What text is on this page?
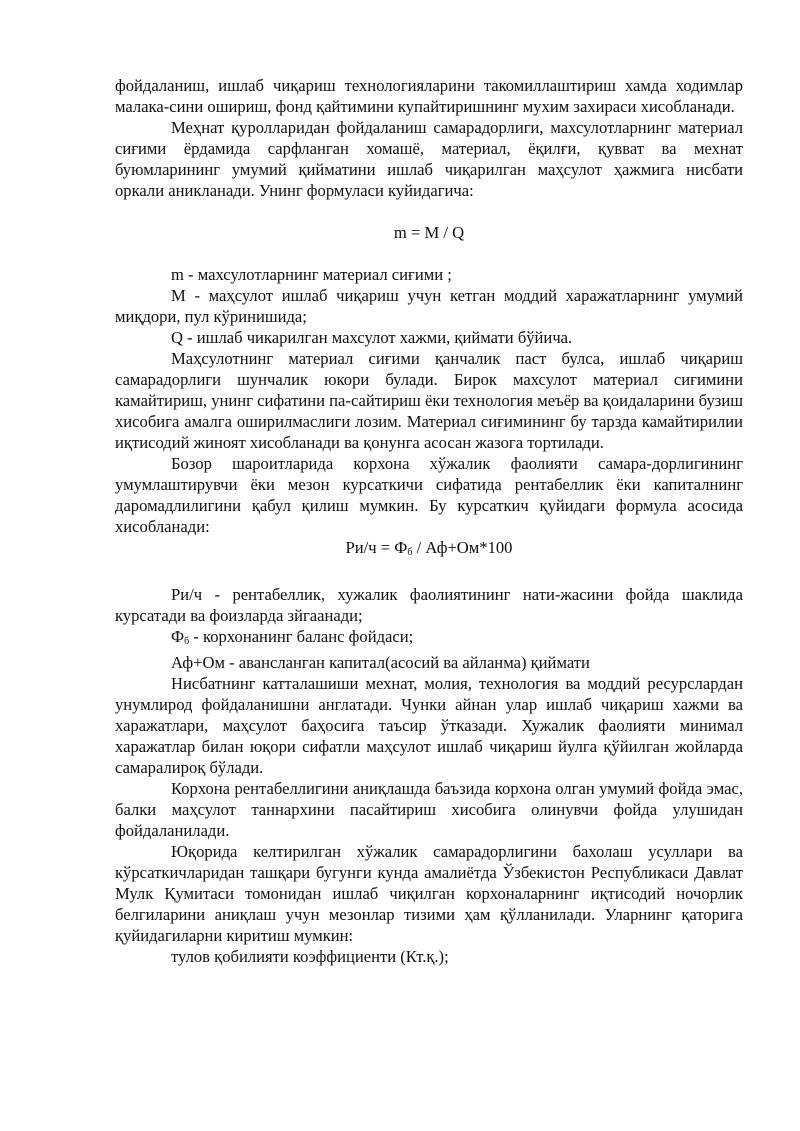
фойдаланиш, ишлаб чиқариш технологияларини такомиллаштириш хамда ходимлар малака-сини ошириш, фонд қайтимини купайтиришнинг мухим захираси хисобланади.

Меҳнат қуролларидан фойдаланиш самарадорлиги, махсулотларнинг материал сиғими ёрдамида сарфланган хомашё, материал, ёқилғи, қувват ва мехнат буюмларининг умумий қийматини ишлаб чиқарилган маҳсулот ҳажмига нисбати оркали аникланади. Унинг формуласи куйидагича:

m = M / Q

m - махсулотларнинг материал сиғими ;

M - маҳсулот ишлаб чиқариш учун кетган моддий харажатларнинг умумий миқдори, пул кўринишида;

Q - ишлаб чикарилган махсулот хажми, қиймати бўйича.

Маҳсулотнинг материал сиғими қанчалик паст булса, ишлаб чиқариш самарадорлиги шунчалик юкори булади. Бирок махсулот материал сиғимини камайтириш, унинг сифатини па-сайтириш ёки технология меъёр ва қоидаларини бузиш хисобига амалга оширилмаслиги лозим. Материал сиғимининг бу тарзда камайтирилии иқтисодий жиноят хисобланади ва қонунга асосан жазога тортилади.

Бозор шароитларида корхона хўжалик фаолияти самара-дорлигининг умумлаштирувчи ёки мезон курсаткичи сифатида рентабеллик ёки капиталнинг даромадлилигини қабул қилиш мумкин. Бу курсаткич қуйидаги формула асосида хисобланади:

$Ри/ч = Ф_б / Аф+Ом*100$

Ри/ч - рентабеллик, хужалик фаолиятининг нати-жасини фойда шаклида курсатади ва фоизларда зйгаанади;

$Ф_б$ - корхонанинг баланс фойдаси;

Аф+Ом - авансланган капитал(асосий ва айланма) қиймати

Нисбатнинг катталашиши мехнат, молия, технология ва моддий ресурслардан унумлирод фойдаланишни англатади. Чунки айнан улар ишлаб чиқариш хажми ва харажатлари, маҳсулот баҳосига таъсир ўтказади. Хужалик фаолияти минимал харажатлар билан юқори сифатли маҳсулот ишлаб чиқариш йулга қўйилган жойларда самаралироқ бўлади.

Корхона рентабеллигини аниқлашда баъзида корхона олган умумий фойда эмас, балки маҳсулот таннархини пасайтириш хисобига олинувчи фойда улушидан фойдаланилади.

Юқорида келтирилган хўжалик самарадорлигини бахолаш усуллари ва кўрсаткичларидан ташқари бугунги кунда амалиётда Ўзбекистон Республикаси Давлат Мулк Қумитаси томонидан ишлаб чиқилган корхоналарнинг иқтисодий ночорлик белгиларини аниқлаш учун мезонлар тизими ҳам қўлланилади. Уларнинг қаторига қуйидагиларни киритиш мумкин:

тулов қобилияти коэффициенти (Кт.қ.);
